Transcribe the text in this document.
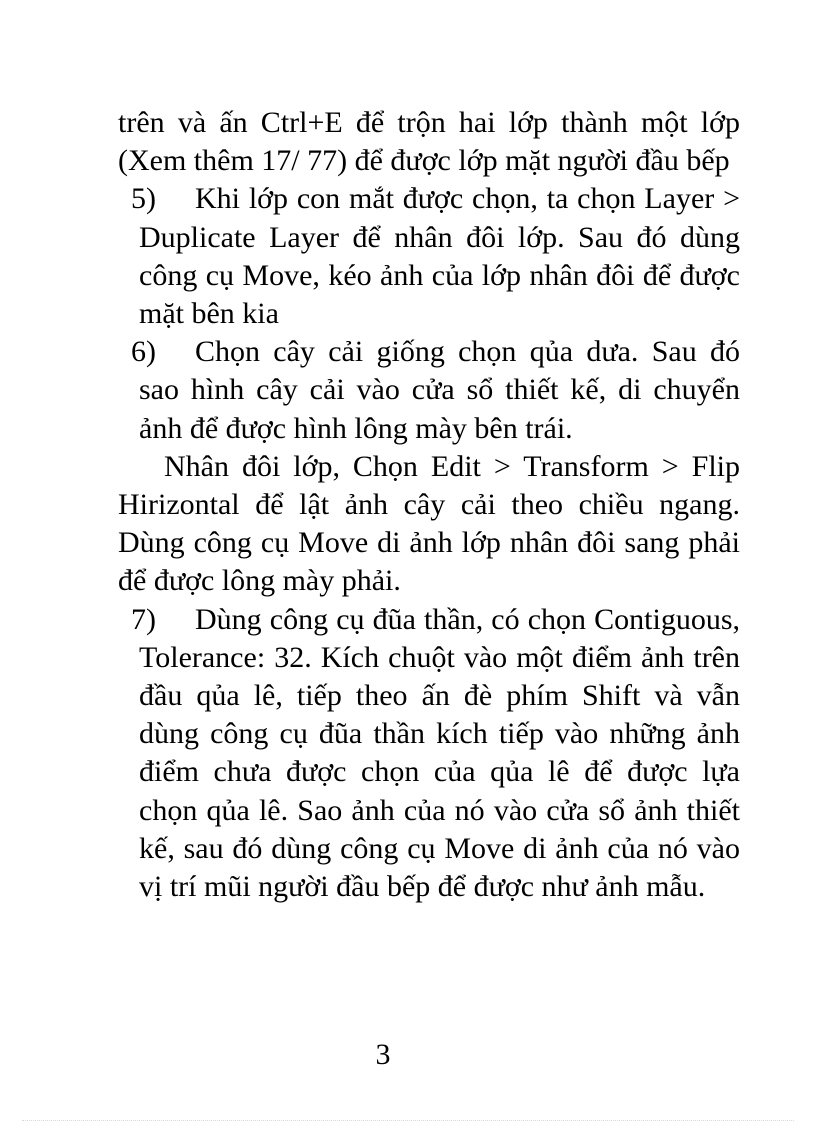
trên và ấn Ctrl+E để trộn hai lớp thành một lớp (Xem thêm 17/ 77) để được lớp mặt người đầu bếp

5) Khi lớp con mắt được chọn, ta chọn Layer > Duplicate Layer để nhân đôi lớp. Sau đó dùng công cụ Move, kéo ảnh của lớp nhân đôi để được mặt bên kia
6) Chọn cây cải giống chọn qủa dưa. Sau đó sao hình cây cải vào cửa sổ thiết kế, di chuyển ảnh để được hình lông mày bên trái.

Nhân đôi lớp, Chọn Edit > Transform > Flip Hirizontal để lật ảnh cây cải theo chiều ngang. Dùng công cụ Move di ảnh lớp nhân đôi sang phải để được lông mày phải.

7) Dùng công cụ đũa thần, có chọn Contiguous, Tolerance: 32. Kích chuột vào một điểm ảnh trên đầu qủa lê, tiếp theo ấn đè phím Shift và vẫn dùng công cụ đũa thần kích tiếp vào những ảnh điểm chưa được chọn của qủa lê để được lựa chọn qủa lê. Sao ảnh của nó vào cửa sổ ảnh thiết kế, sau đó dùng công cụ Move di ảnh của nó vào vị trí mũi người đầu bếp để được như ảnh mẫu.
3
